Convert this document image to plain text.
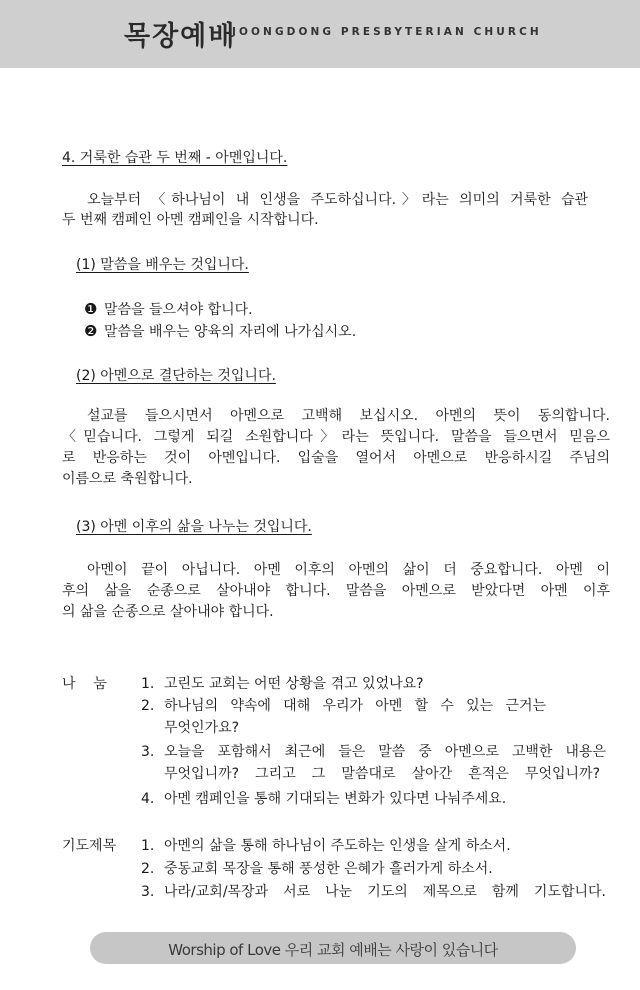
목장예배
JOONGDONG PRESBYTERIAN CHURCH
4. 거룩한 습관 두 번째 - 아멘입니다.
오늘부터 〈하나님이 내 인생을 주도하십니다.〉라는 의미의 거룩한 습관
두 번째 캠페인 아멘 캠페인을 시작합니다.
(1) 말씀을 배우는 것입니다.
❶ 말씀을 들으셔야 합니다.
❷ 말씀을 배우는 양육의 자리에 나가십시오.
(2) 아멘으로 결단하는 것입니다.
설교를 들으시면서 아멘으로 고백해 보십시오. 아멘의 뜻이 동의합니다.
〈믿습니다. 그렇게 되길 소원합니다〉라는 뜻입니다. 말씀을 들으면서 믿음으
로 반응하는 것이 아멘입니다. 입술을 열어서 아멘으로 반응하시길 주님의
이름으로 축원합니다.
(3) 아멘 이후의 삶을 나누는 것입니다.
아멘이 끝이 아닙니다. 아멘 이후의 아멘의 삶이 더 중요합니다. 아멘 이
후의 삶을 순종으로 살아내야 합니다. 말씀을 아멘으로 받았다면 아멘 이후
의 삶을 순종으로 살아내야 합니다.
나    눔 1. 고린도 교회는 어떤 상황을 겪고 있었나요?
2. 하나님의 약속에 대해 우리가 아멘 할 수 있는 근거는
무엇인가요?
3. 오늘을 포함해서 최근에 들은 말씀 중 아멘으로 고백한 내용은
무엇입니까? 그리고 그 말씀대로 살아간 흔적은 무엇입니까?
4. 아멘 캠페인을 통해 기대되는 변화가 있다면 나눠주세요.
기도제목 1. 아멘의 삶을 통해 하나님이 주도하는 인생을 살게 하소서.
2. 중동교회 목장을 통해 풍성한 은혜가 흘러가게 하소서.
3. 나라/교회/목장과 서로 나눈 기도의 제목으로 함께 기도합니다.
Worship of Love 우리 교회 예배는 사랑이 있습니다
